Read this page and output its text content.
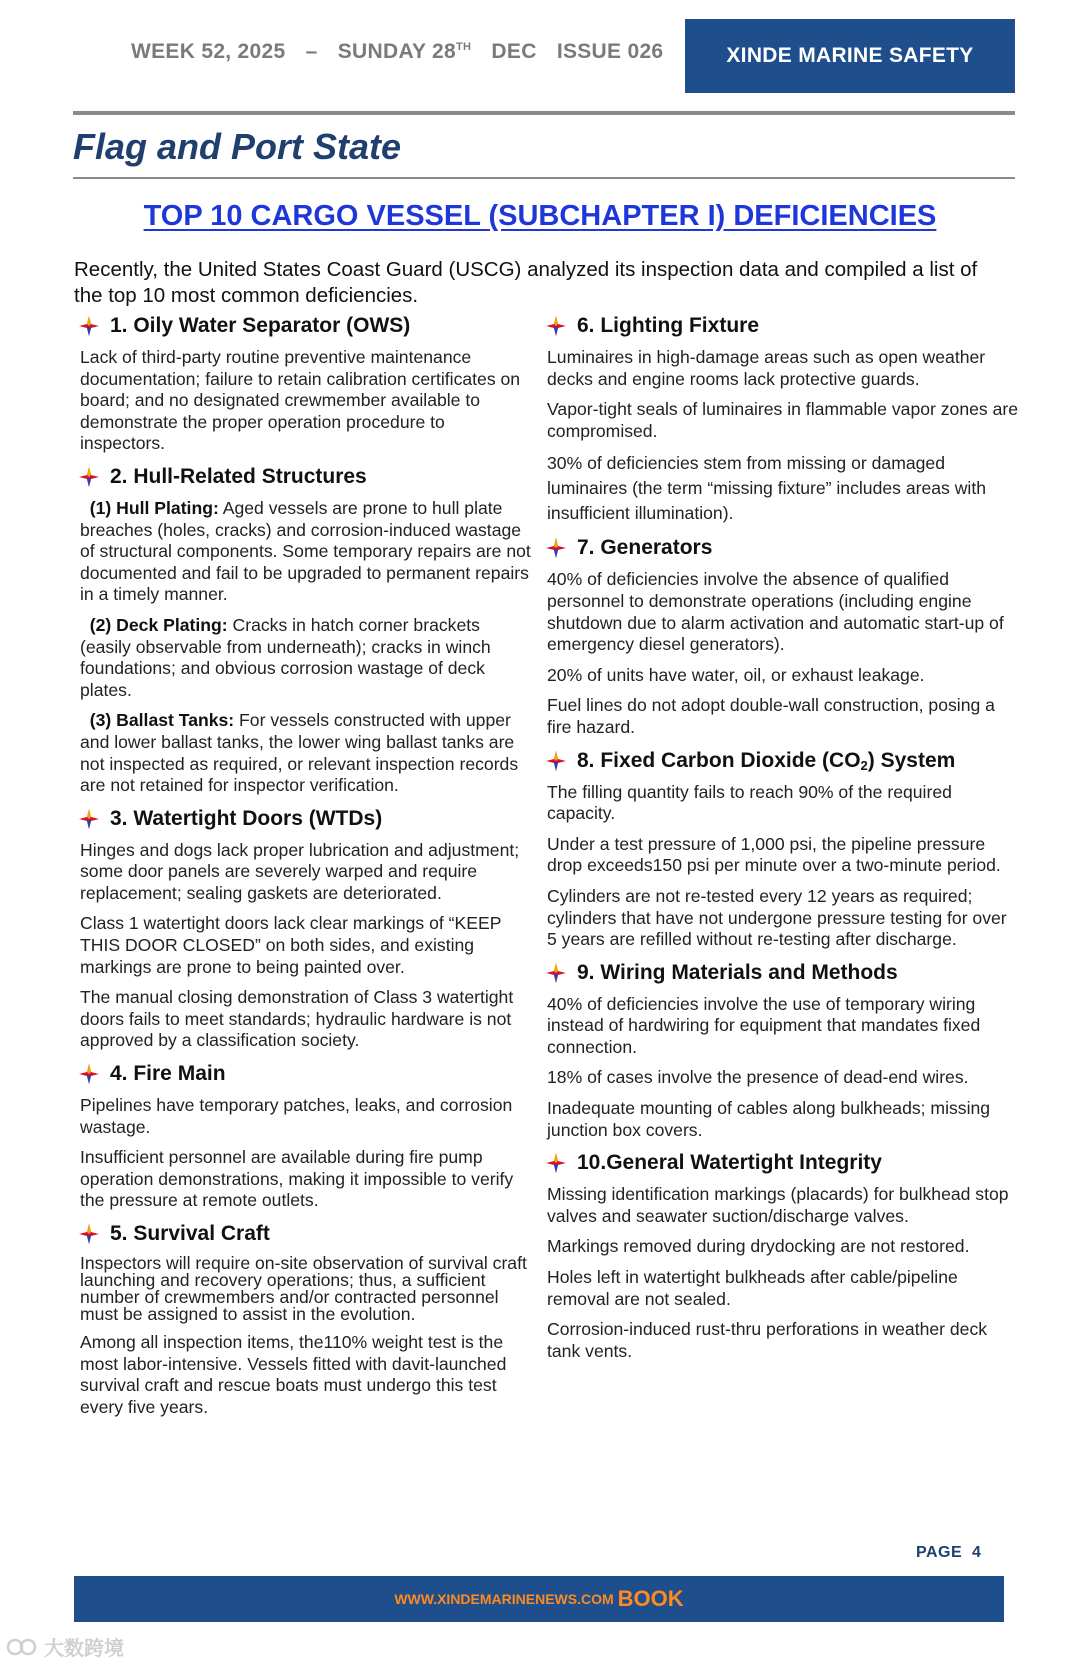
WEEK 52, 2025 – SUNDAY 28TH DEC ISSUE 026	XINDE MARINE SAFETY
Flag and Port State
TOP 10 CARGO VESSEL (SUBCHAPTER I) DEFICIENCIES
Recently, the United States Coast Guard (USCG) analyzed its inspection data and compiled a list of the top 10 most common deficiencies.
1. Oily Water Separator (OWS)
Lack of third-party routine preventive maintenance documentation; failure to retain calibration certificates on board; and no designated crewmember available to demonstrate the proper operation procedure to inspectors.
2. Hull-Related Structures
(1) Hull Plating: Aged vessels are prone to hull plate breaches (holes, cracks) and corrosion-induced wastage of structural components. Some temporary repairs are not documented and fail to be upgraded to permanent repairs in a timely manner.
(2) Deck Plating: Cracks in hatch corner brackets (easily observable from underneath); cracks in winch foundations; and obvious corrosion wastage of deck plates.
(3) Ballast Tanks: For vessels constructed with upper and lower ballast tanks, the lower wing ballast tanks are not inspected as required, or relevant inspection records are not retained for inspector verification.
3. Watertight Doors (WTDs)
Hinges and dogs lack proper lubrication and adjustment; some door panels are severely warped and require replacement; sealing gaskets are deteriorated.
Class 1 watertight doors lack clear markings of “KEEP THIS DOOR CLOSED” on both sides, and existing markings are prone to being painted over.
The manual closing demonstration of Class 3 watertight doors fails to meet standards; hydraulic hardware is not approved by a classification society.
4. Fire Main
Pipelines have temporary patches, leaks, and corrosion wastage.
Insufficient personnel are available during fire pump operation demonstrations, making it impossible to verify the pressure at remote outlets.
5. Survival Craft
Inspectors will require on-site observation of survival craft launching and recovery operations; thus, a sufficient number of crewmembers and/or contracted personnel must be assigned to assist in the evolution.
Among all inspection items, the110% weight test is the most labor-intensive. Vessels fitted with davit-launched survival craft and rescue boats must undergo this test every five years.
6. Lighting Fixture
Luminaires in high-damage areas such as open weather decks and engine rooms lack protective guards.
Vapor-tight seals of luminaires in flammable vapor zones are compromised.
30% of deficiencies stem from missing or damaged luminaires (the term “missing fixture” includes areas with insufficient illumination).
7. Generators
40% of deficiencies involve the absence of qualified personnel to demonstrate operations (including engine shutdown due to alarm activation and automatic start-up of emergency diesel generators).
20% of units have water, oil, or exhaust leakage.
Fuel lines do not adopt double-wall construction, posing a fire hazard.
8. Fixed Carbon Dioxide $(CO_2)$ System
The filling quantity fails to reach 90% of the required capacity.
Under a test pressure of 1,000 psi, the pipeline pressure drop exceeds150 psi per minute over a two-minute period.
Cylinders are not re-tested every 12 years as required; cylinders that have not undergone pressure testing for over 5 years are refilled without re-testing after discharge.
9. Wiring Materials and Methods
40% of deficiencies involve the use of temporary wiring instead of hardwiring for equipment that mandates fixed connection.
18% of cases involve the presence of dead-end wires.
Inadequate mounting of cables along bulkheads; missing junction box covers.
10.General Watertight Integrity
Missing identification markings (placards) for bulkhead stop valves and seawater suction/discharge valves.
Markings removed during drydocking are not restored.
Holes left in watertight bulkheads after cable/pipeline removal are not sealed.
Corrosion-induced rust-thru perforations in weather deck tank vents.
PAGE 4
WWW.XINDEMARINENEWS.COM BOOK
大数跨境
